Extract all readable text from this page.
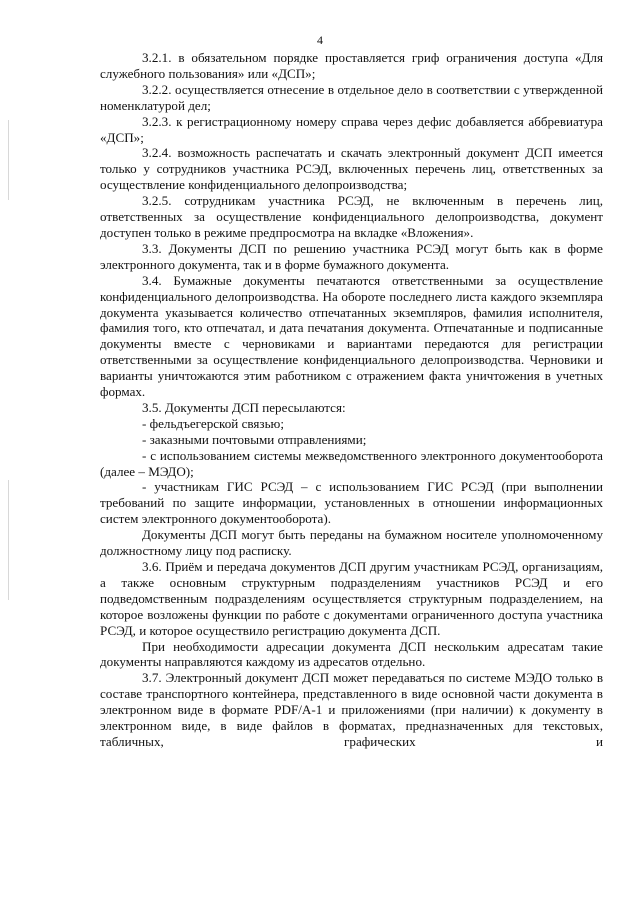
4

3.2.1. в обязательном порядке проставляется гриф ограничения доступа «Для служебного пользования» или «ДСП»;

3.2.2. осуществляется отнесение в отдельное дело в соответствии с утвержденной номенклатурой дел;

3.2.3. к регистрационному номеру справа через дефис добавляется аббревиатура «ДСП»;

3.2.4. возможность распечатать и скачать электронный документ ДСП имеется только у сотрудников участника РСЭД, включенных перечень лиц, ответственных за осуществление конфиденциального делопроизводства;

3.2.5. сотрудникам участника РСЭД, не включенным в перечень лиц, ответственных за осуществление конфиденциального делопроизводства, документ доступен только в режиме предпросмотра на вкладке «Вложения».

3.3. Документы ДСП по решению участника РСЭД могут быть как в форме электронного документа, так и в форме бумажного документа.

3.4. Бумажные документы печатаются ответственными за осуществление конфиденциального делопроизводства. На обороте последнего листа каждого экземпляра документа указывается количество отпечатанных экземпляров, фамилия исполнителя, фамилия того, кто отпечатал, и дата печатания документа. Отпечатанные и подписанные документы вместе с черновиками и вариантами передаются для регистрации ответственными за осуществление конфиденциального делопроизводства. Черновики и варианты уничтожаются этим работником с отражением факта уничтожения в учетных формах.

3.5. Документы ДСП пересылаются:

- фельдъегерской связью;

- заказными почтовыми отправлениями;

- с использованием системы межведомственного электронного документооборота (далее – МЭДО);

- участникам ГИС РСЭД – с использованием ГИС РСЭД (при выполнении требований по защите информации, установленных в отношении информационных систем электронного документооборота).

Документы ДСП могут быть переданы на бумажном носителе уполномоченному должностному лицу под расписку.

3.6. Приём и передача документов ДСП другим участникам РСЭД, организациям, а также основным структурным подразделениям участников РСЭД и его подведомственным подразделениям осуществляется структурным подразделением, на которое возложены функции по работе с документами ограниченного доступа участника РСЭД, и которое осуществило регистрацию документа ДСП.

При необходимости адресации документа ДСП нескольким адресатам такие документы направляются каждому из адресатов отдельно.

3.7. Электронный документ ДСП может передаваться по системе МЭДО только в составе транспортного контейнера, представленного в виде основной части документа в электронном виде в формате PDF/A-1 и приложениями (при наличии) к документу в электронном виде, в виде файлов в форматах, предназначенных для текстовых, табличных, графических и
